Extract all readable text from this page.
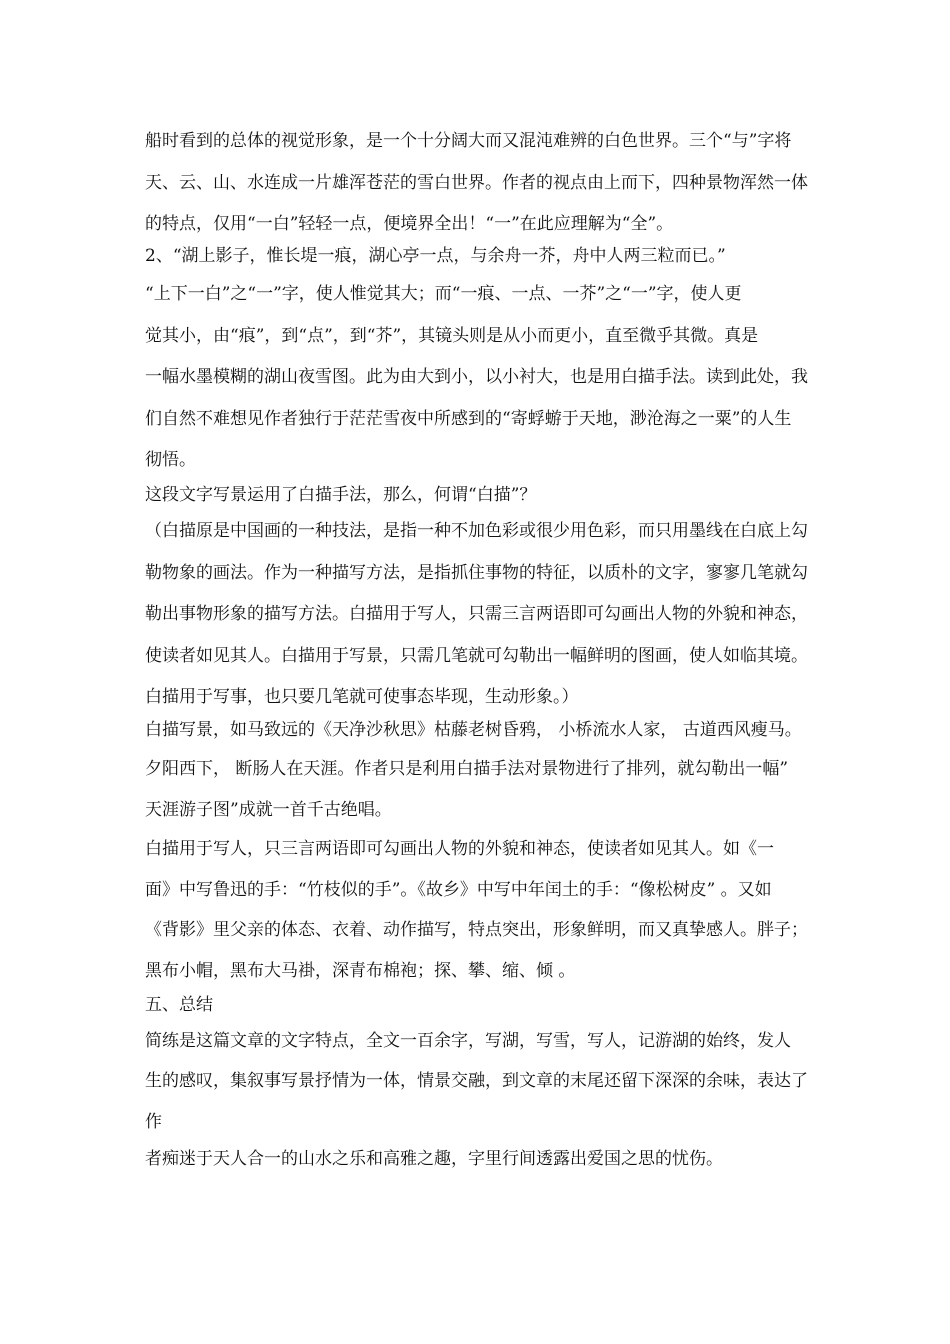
船时看到的总体的视觉形象，是一个十分阔大而又混沌难辨的白色世界。三个“与”字将

天、云、山、水连成一片雄浑苍茫的雪白世界。作者的视点由上而下，四种景物浑然一体

的特点，仅用“一白”轻轻一点，便境界全出！“一”在此应理解为“全”。

2、“湖上影子，惟长堤一痕，湖心亭一点，与余舟一芥，舟中人两三粒而已。”

“上下一白”之“一”字，使人惟觉其大；而“一痕、一点、一芥”之“一”字，使人更

觉其小，由“痕”，到“点”，到“芥”，其镜头则是从小而更小，直至微乎其微。真是

一幅水墨模糊的湖山夜雪图。此为由大到小，以小衬大，也是用白描手法。读到此处，我

们自然不难想见作者独行于茫茫雪夜中所感到的“寄蜉蝣于天地，渺沧海之一粟”的人生

彻悟。

这段文字写景运用了白描手法，那么，何谓“白描”？

（白描原是中国画的一种技法，是指一种不加色彩或很少用色彩，而只用墨线在白底上勾

勒物象的画法。作为一种描写方法，是指抓住事物的特征，以质朴的文字，寥寥几笔就勾

勒出事物形象的描写方法。白描用于写人，只需三言两语即可勾画出人物的外貌和神态，

使读者如见其人。白描用于写景，只需几笔就可勾勒出一幅鲜明的图画，使人如临其境。

白描用于写事，也只要几笔就可使事态毕现，生动形象。）

白描写景，如马致远的《天净沙秋思》枯藤老树昏鸦， 小桥流水人家， 古道西风瘦马。

夕阳西下， 断肠人在天涯。作者只是利用白描手法对景物进行了排列，就勾勒出一幅”

天涯游子图”成就一首千古绝唱。

白描用于写人，只三言两语即可勾画出人物的外貌和神态，使读者如见其人。如《一

面》中写鲁迅的手：“竹枝似的手”。《故乡》中写中年闰土的手：“像松树皮” 。又如

《背影》里父亲的体态、衣着、动作描写，特点突出，形象鲜明，而又真挚感人。胖子；

黑布小帽，黑布大马褂，深青布棉袍；探、攀、缩、倾 。

五、总结

简练是这篇文章的文字特点，全文一百余字，写湖，写雪，写人，记游湖的始终，发人

生的感叹，集叙事写景抒情为一体，情景交融，到文章的末尾还留下深深的余味，表达了

作

者痴迷于天人合一的山水之乐和高雅之趣，字里行间透露出爱国之思的忧伤。
